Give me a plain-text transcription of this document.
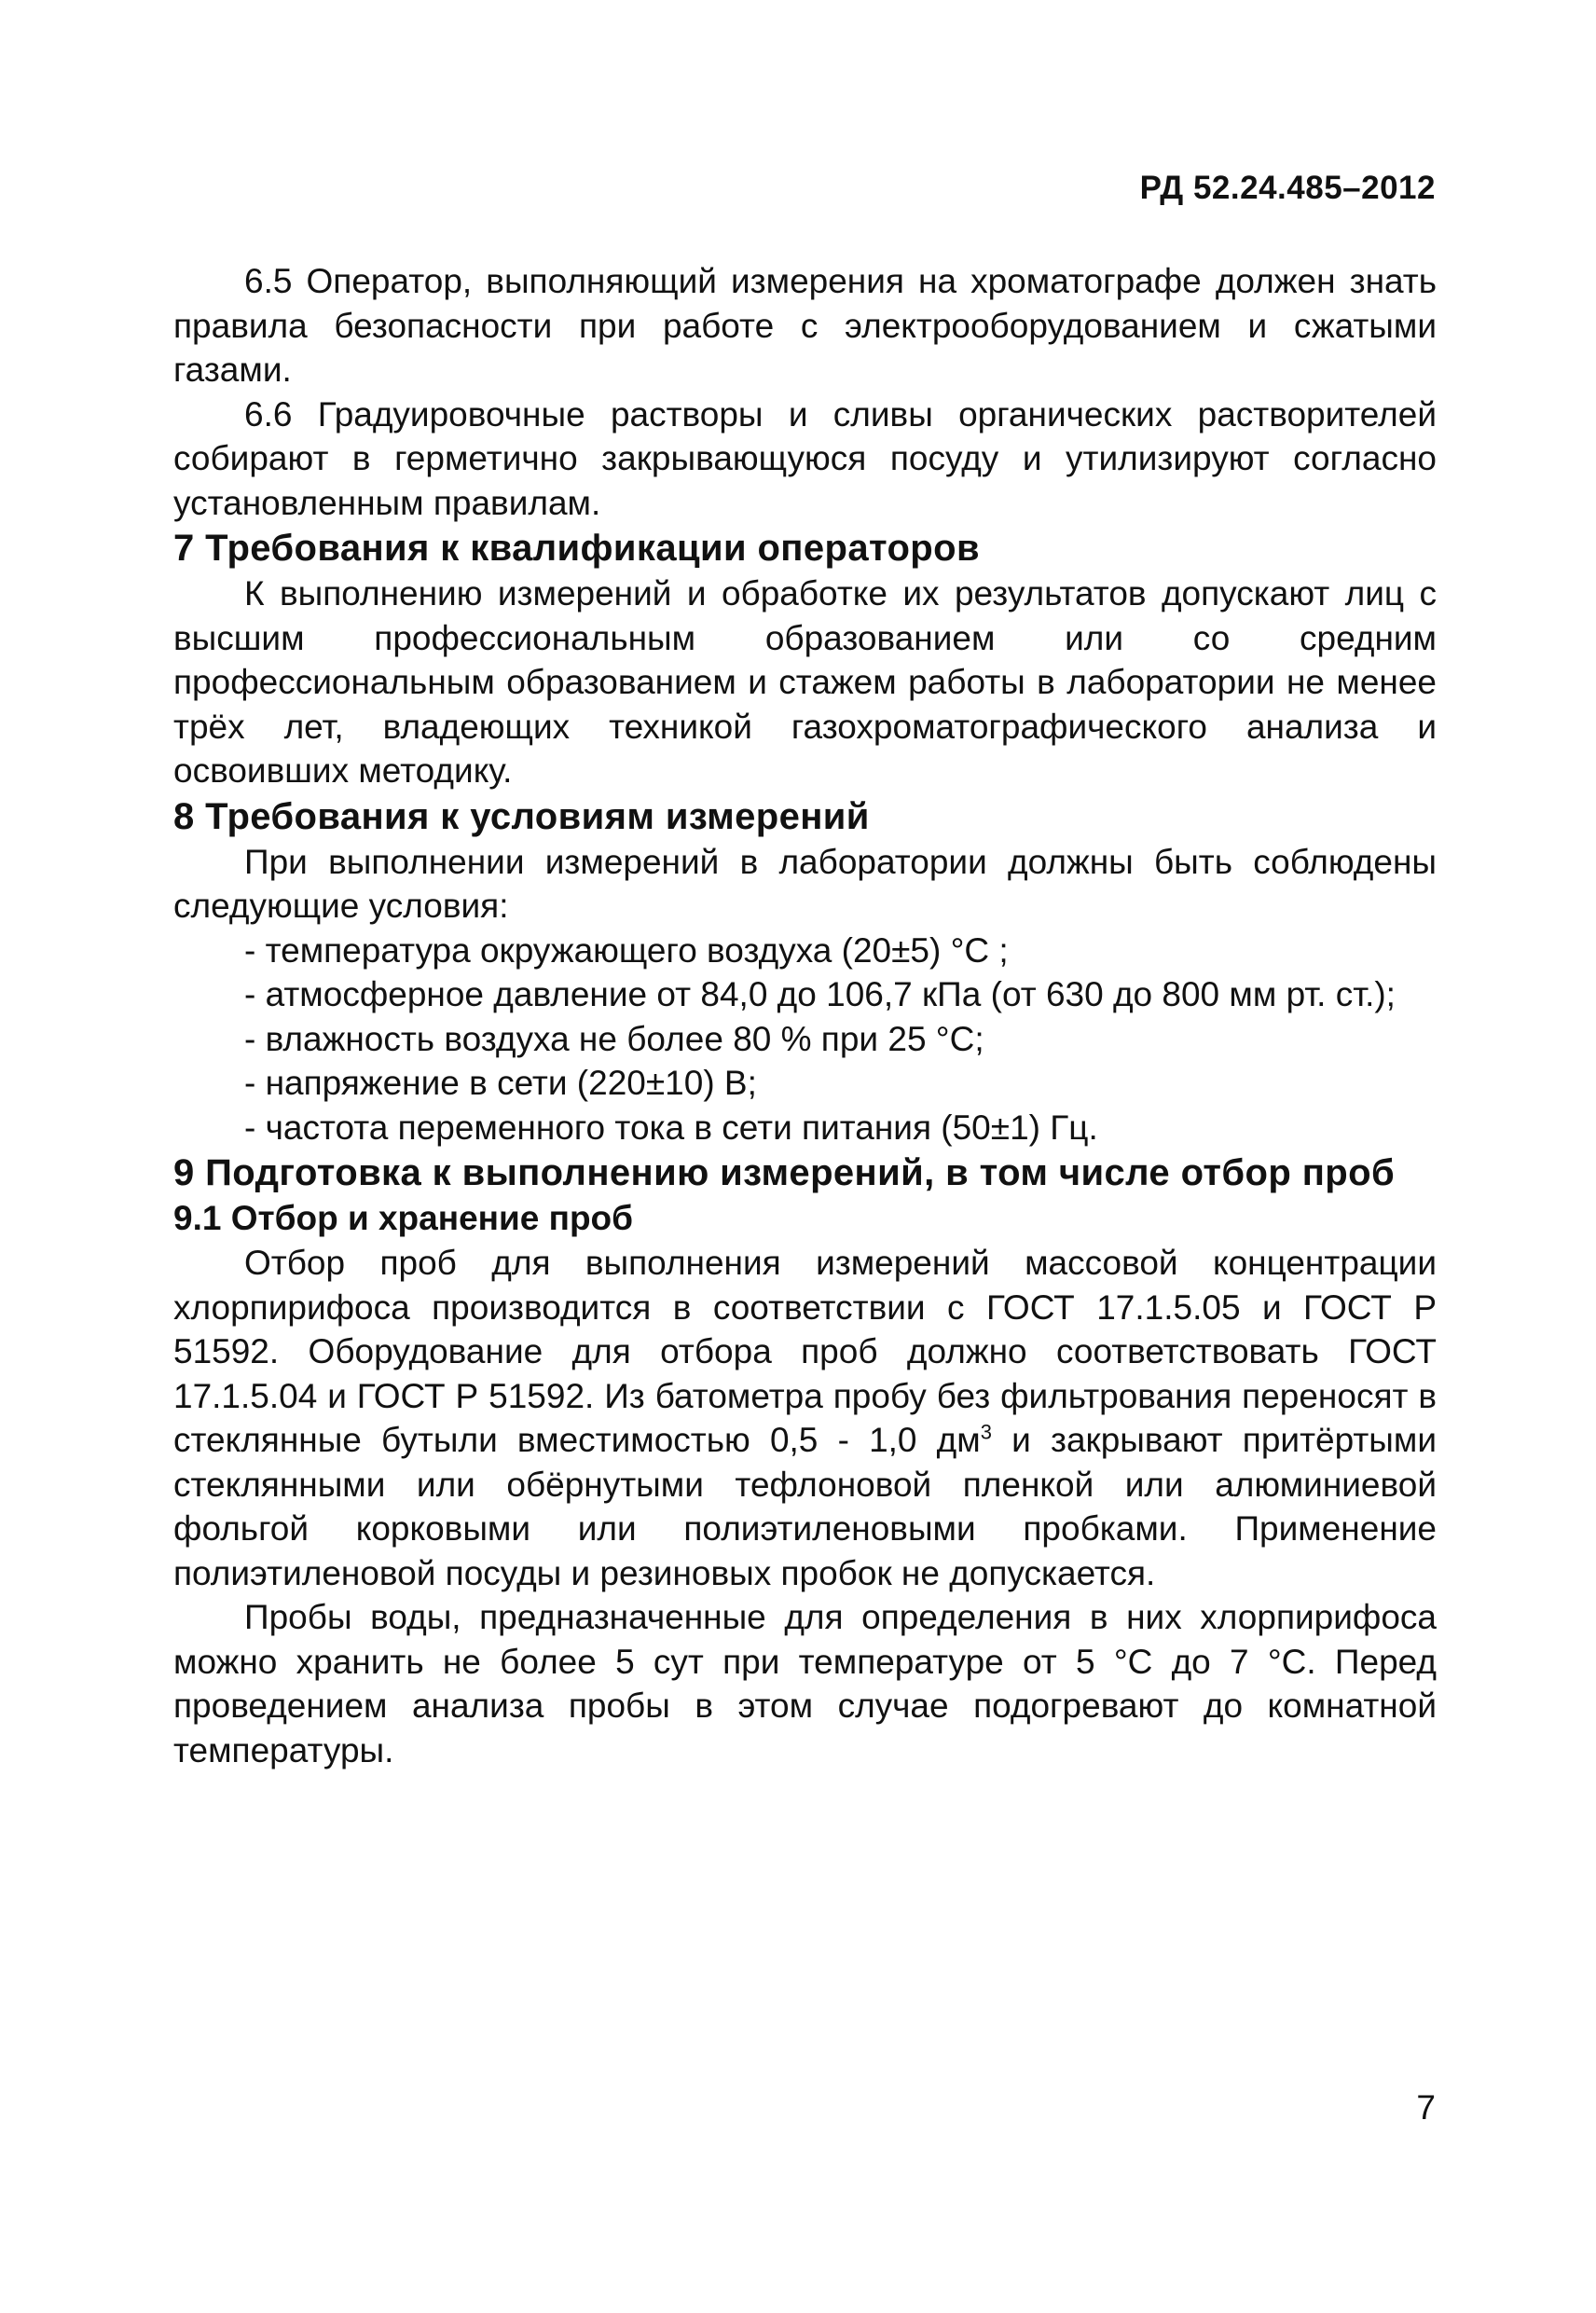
РД 52.24.485–2012

6.5 Оператор, выполняющий измерения на хроматографе должен знать правила безопасности при работе с электрооборудованием и сжатыми газами.

6.6 Градуировочные растворы и сливы органических растворителей собирают в герметично закрывающуюся посуду и утилизируют согласно установленным правилам.

7 Требования к квалификации операторов

К выполнению измерений и обработке их результатов допускают лиц с высшим профессиональным образованием или со средним профессиональным образованием и стажем работы в лаборатории не менее трёх лет, владеющих техникой газохроматографического анализа и освоивших методику.

8 Требования к условиям измерений

При выполнении измерений в лаборатории должны быть соблюдены следующие условия:

- температура окружающего воздуха (20±5) °С ;

- атмосферное давление от 84,0 до 106,7 кПа (от 630 до 800 мм рт. ст.);

- влажность воздуха не более 80 % при 25 °С;

- напряжение в сети (220±10) В;

- частота переменного тока в сети питания (50±1) Гц.

9 Подготовка к выполнению измерений, в том числе отбор проб
9.1 Отбор и хранение проб

Отбор проб для выполнения измерений массовой концентрации хлорпирифоса производится в соответствии с ГОСТ 17.1.5.05 и ГОСТ Р 51592. Оборудование для отбора проб должно соответствовать ГОСТ 17.1.5.04 и ГОСТ Р 51592. Из батометра пробу без фильтрования переносят в стеклянные бутыли вместимостью 0,5 - 1,0 $дм^3$ и закрывают притёртыми стеклянными или обёрнутыми тефлоновой пленкой или алюминиевой фольгой корковыми или полиэтиленовыми пробками. Применение полиэтиленовой посуды и резиновых пробок не допускается.

Пробы воды, предназначенные для определения в них хлорпирифоса можно хранить не более 5 сут при температуре от 5 °С до 7 °С. Перед проведением анализа пробы в этом случае подогревают до комнатной температуры.

7
